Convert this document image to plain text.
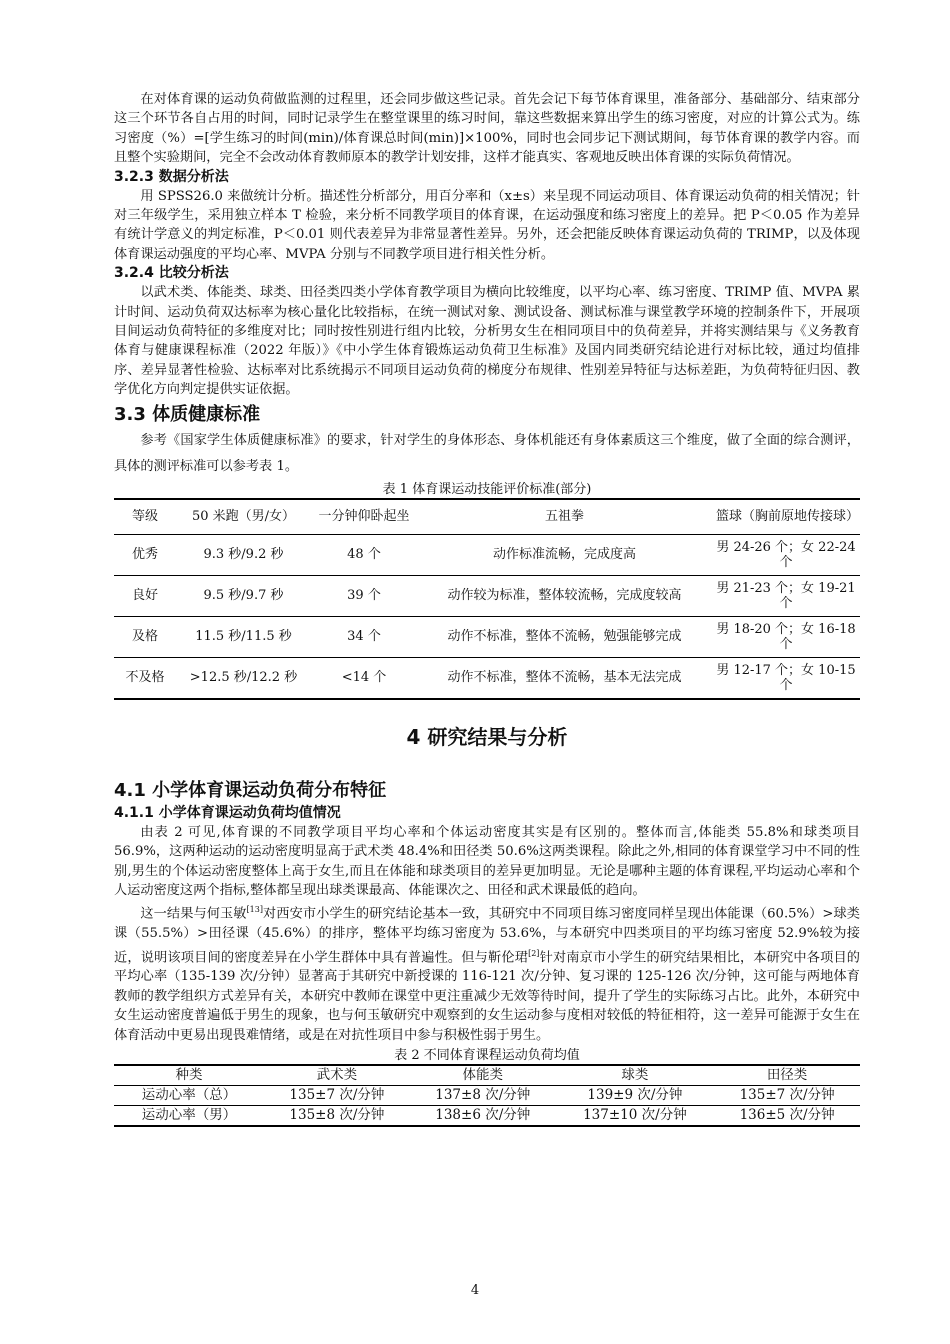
在对体育课的运动负荷做监测的过程里，还会同步做这些记录。首先会记下每节体育课里，准备部分、基础部分、结束部分这三个环节各自占用的时间，同时记录学生在整堂课里的练习时间，靠这些数据来算出学生的练习密度，对应的计算公式为。练习密度（%）=[学生练习的时间(min)/体育课总时间(min)]×100%，同时也会同步记下测试期间，每节体育课的教学内容。而且整个实验期间，完全不会改动体育教师原本的教学计划安排，这样才能真实、客观地反映出体育课的实际负荷情况。

3.2.3 数据分析法

用 SPSS26.0 来做统计分析。描述性分析部分，用百分率和（x±s）来呈现不同运动项目、体育课运动负荷的相关情况；针对三年级学生，采用独立样本 T 检验，来分析不同教学项目的体育课，在运动强度和练习密度上的差异。把 P＜0.05 作为差异有统计学意义的判定标准，P＜0.01 则代表差异为非常显著性差异。另外，还会把能反映体育课运动负荷的 TRIMP，以及体现体育课运动强度的平均心率、MVPA 分别与不同教学项目进行相关性分析。

3.2.4 比较分析法

以武术类、体能类、球类、田径类四类小学体育教学项目为横向比较维度，以平均心率、练习密度、TRIMP 值、MVPA 累计时间、运动负荷双达标率为核心量化比较指标，在统一测试对象、测试设备、测试标准与课堂教学环境的控制条件下，开展项目间运动负荷特征的多维度对比；同时按性别进行组内比较，分析男女生在相同项目中的负荷差异，并将实测结果与《义务教育体育与健康课程标准（2022 年版）》《中小学生体育锻炼运动负荷卫生标准》及国内同类研究结论进行对标比较，通过均值排序、差异显著性检验、达标率对比系统揭示不同项目运动负荷的梯度分布规律、性别差异特征与达标差距，为负荷特征归因、教学优化方向判定提供实证依据。

3.3 体质健康标准

参考《国家学生体质健康标准》的要求，针对学生的身体形态、身体机能还有身体素质这三个维度，做了全面的综合测评，具体的测评标准可以参考表 1。

表 1 体育课运动技能评价标准(部分)
等级	50 米跑（男/女）	一分钟仰卧起坐	五祖拳	篮球（胸前原地传接球）
优秀	9.3 秒/9.2 秒	48 个	动作标准流畅，完成度高	男 24-26 个；女 22-24 个
良好	9.5 秒/9.7 秒	39 个	动作较为标准，整体较流畅，完成度较高	男 21-23 个；女 19-21 个
及格	11.5 秒/11.5 秒	34 个	动作不标准，整体不流畅，勉强能够完成	男 18-20 个；女 16-18 个
不及格	>12.5 秒/12.2 秒	<14 个	动作不标准，整体不流畅，基本无法完成	男 12-17 个；女 10-15 个
4 研究结果与分析
4.1 小学体育课运动负荷分布特征
4.1.1 小学体育课运动负荷均值情况

由表 2 可见,体育课的不同教学项目平均心率和个体运动密度其实是有区别的。整体而言,体能类 55.8%和球类项目 56.9%，这两种运动的运动密度明显高于武术类 48.4%和田径类 50.6%这两类课程。除此之外,相同的体育课堂学习中不同的性别,男生的个体运动密度整体上高于女生,而且在体能和球类项目的差异更加明显。无论是哪种主题的体育课程,平均运动心率和个人运动密度这两个指标,整体都呈现出球类课最高、体能课次之、田径和武术课最低的趋向。

这一结果与何玉敏[13]对西安市小学生的研究结论基本一致，其研究中不同项目练习密度同样呈现出体能课（60.5%）>球类课（55.5%）>田径课（45.6%）的排序，整体平均练习密度为 53.6%，与本研究中四类项目的平均练习密度 52.9%较为接近，说明该项目间的密度差异在小学生群体中具有普遍性。但与靳伦珺[2]针对南京市小学生的研究结果相比，本研究中各项目的平均心率（135-139 次/分钟）显著高于其研究中新授课的 116-121 次/分钟、复习课的 125-126 次/分钟，这可能与两地体育教师的教学组织方式差异有关，本研究中教师在课堂中更注重减少无效等待时间，提升了学生的实际练习占比。此外，本研究中女生运动密度普遍低于男生的现象，也与何玉敏研究中观察到的女生运动参与度相对较低的特征相符，这一差异可能源于女生在体育活动中更易出现畏难情绪，或是在对抗性项目中参与积极性弱于男生。

表 2 不同体育课程运动负荷均值
种类	武术类	体能类	球类	田径类
运动心率（总）	135±7 次/分钟	137±8 次/分钟	139±9 次/分钟	135±7 次/分钟
运动心率（男）	135±8 次/分钟	138±6 次/分钟	137±10 次/分钟	136±5 次/分钟
4
